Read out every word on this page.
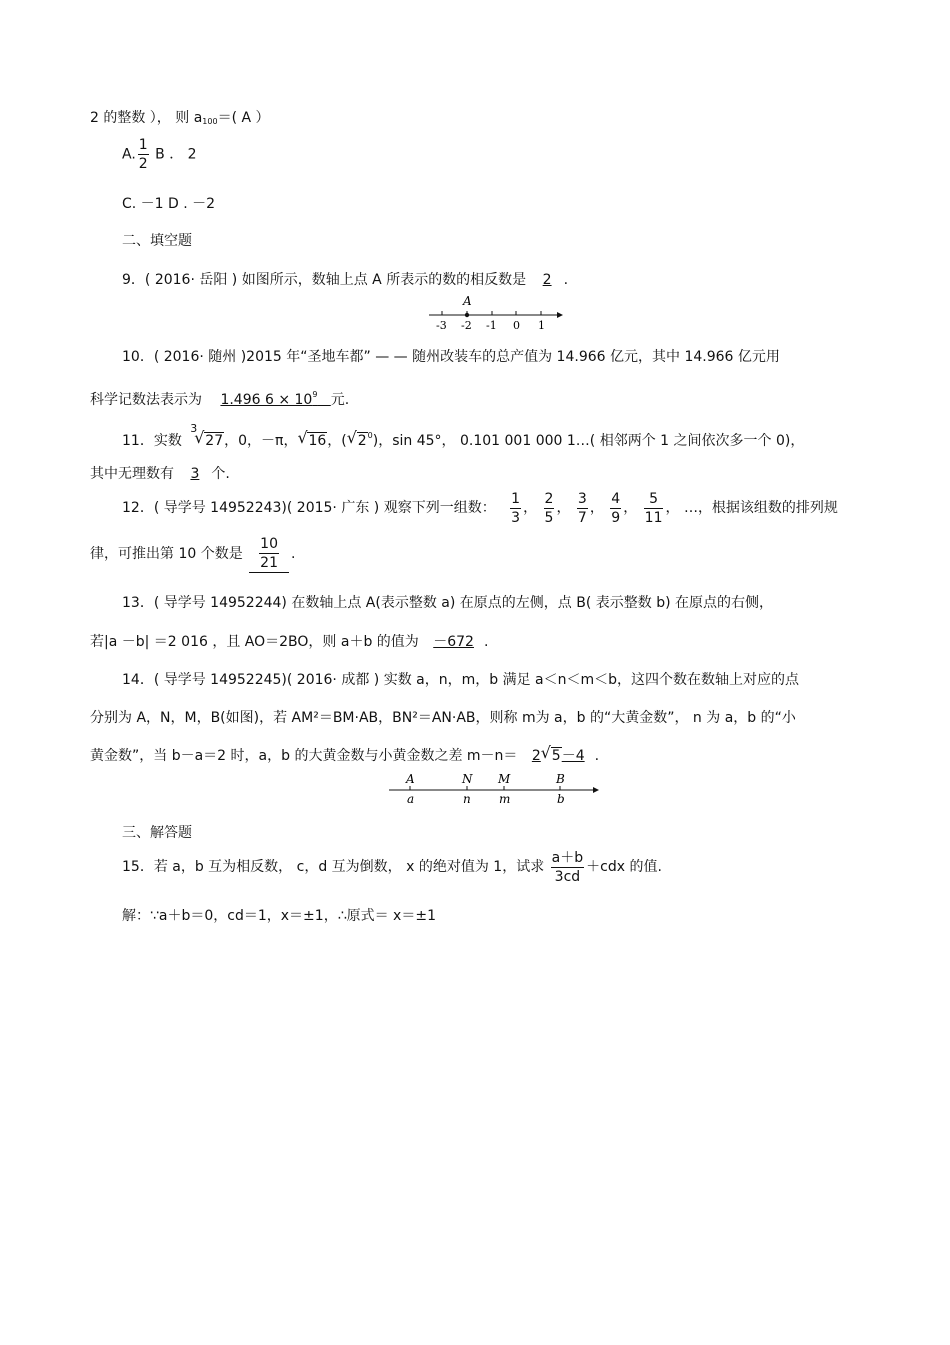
2 的整数 ）， 则 $a_{100}=$( A ）
A. $\frac{1}{2}$ B ． 2
C. －1 D . －2
二、填空题
9．( 2016· 岳阳 ) 如图所示，数轴上点 A 所表示的数的相反数是 2 .
A
-3 -2 -1 0 1
10．( 2016· 随州 )2015 年“圣地车都” — — 随州改装车的总产值为 14.966 亿元，其中 14.966 亿元用
科学记数法表示为 1.496 $6 \times 10^9$ 元.
11．实数
3
√ 27，0，－π， √ 16，( √ $2^0$)，sin 45°， 0.101 001 000 1…( 相邻两个 1 之间依次多一个 0)，
其中无理数有 3 个.
12．( 导学号 14952243)( 2015· 广东 ) 观察下列一组数： $\frac{1}{3}$ ， $\frac{2}{5}$ ， $\frac{3}{7}$ ， $\frac{4}{9}$ ， $\frac{5}{11}$ ， …，根据该组数的排列规
律，可推出第 10 个数是 $\frac{10}{21}$ .
13．( 导学号 14952244) 在数轴上点 A(表示整数 a) 在原点的左侧，点 B( 表示整数 b) 在原点的右侧，
若|a －b| ＝2 016 ，且 AO＝2BO，则 a＋b 的值为 －672 .
14．( 导学号 14952245)( 2016· 成都 ) 实数 a，n，m，b 满足 a＜n＜m＜b，这四个数在数轴上对应的点
分别为 A，N，M，B(如图)，若 AM²＝BM·AB，BN²＝AN·AB，则称 m为 a，b 的“大黄金数”， n 为 a，b 的“小
黄金数”，当 b－a＝2 时，a，b 的大黄金数与小黄金数之差 m－n＝ 2 √ 5－4 .
A	N M	B
a	n m	b
三、解答题
15．若 a，b 互为相反数， c，d 互为倒数， x 的绝对值为 1，试求 $\frac{a+b}{3cd} +cdx$ 的值.
解：∵a＋b＝0，cd＝1，x＝±1，∴原式＝ x＝±1
